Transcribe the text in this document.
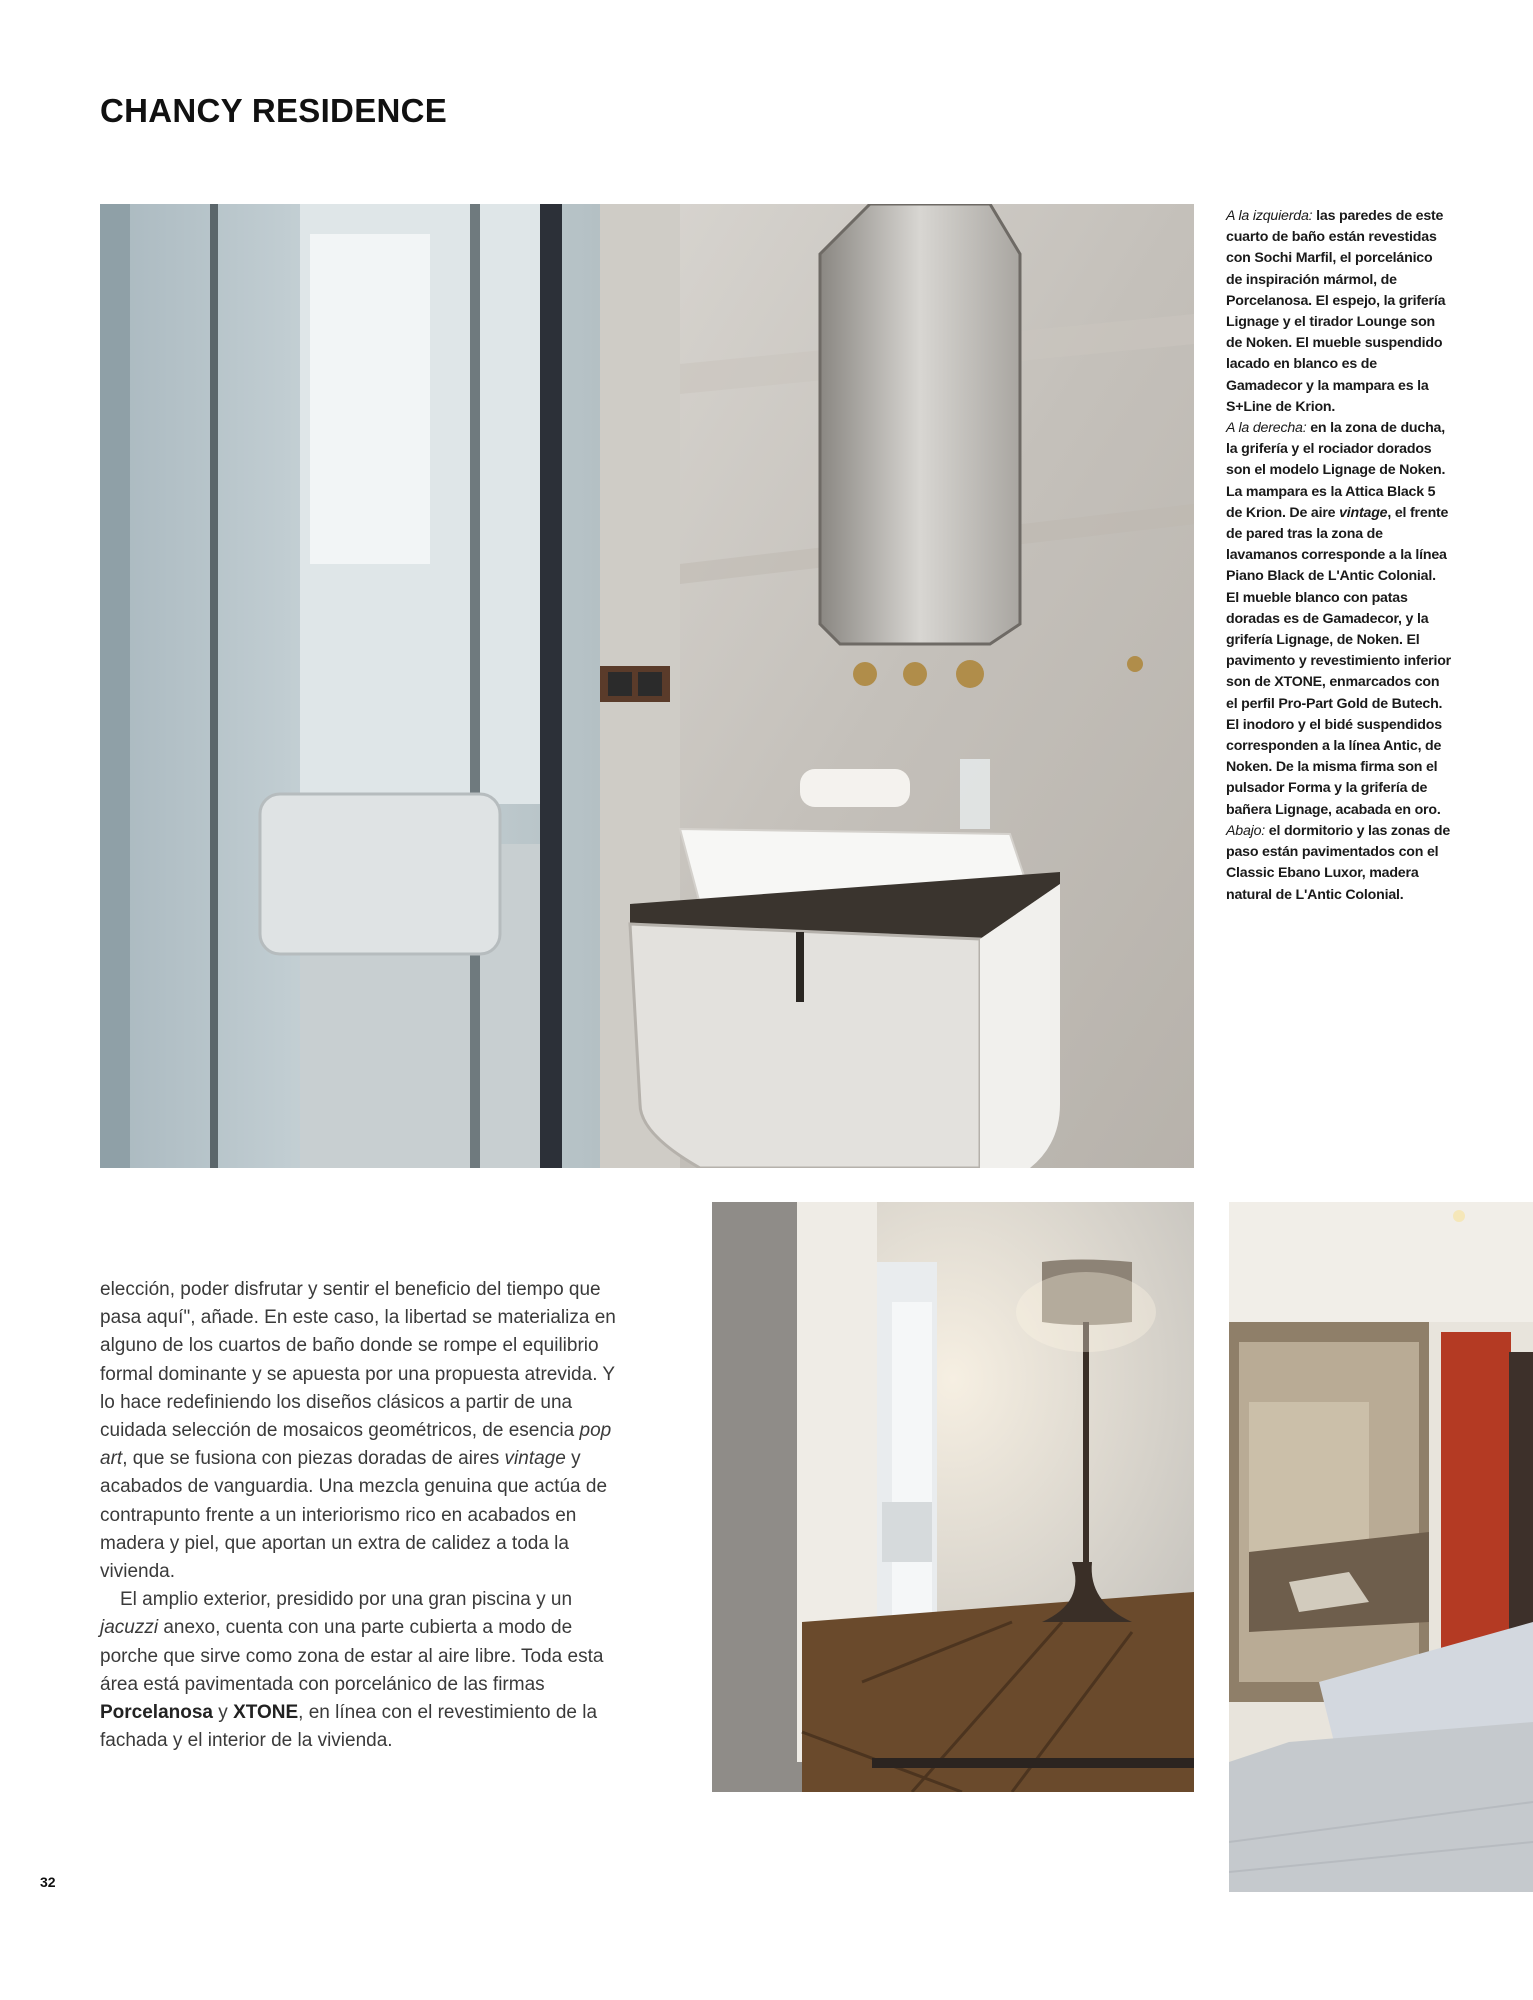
CHANCY RESIDENCE

A la izquierda: las paredes de este cuarto de baño están revestidas con Sochi Marfil, el porcelánico de inspiración mármol, de Porcelanosa. El espejo, la grifería Lignage y el tirador Lounge son de Noken. El mueble suspendido lacado en blanco es de Gamadecor y la mampara es la S+Line de Krion.

A la derecha: en la zona de ducha, la grifería y el rociador dorados son el modelo Lignage de Noken. La mampara es la Attica Black 5 de Krion. De aire vintage, el frente de pared tras la zona de lavamanos corresponde a la línea Piano Black de L'Antic Colonial. El mueble blanco con patas doradas es de Gamadecor, y la grifería Lignage, de Noken. El pavimento y revestimiento inferior son de XTONE, enmarcados con el perfil Pro-Part Gold de Butech. El inodoro y el bidé suspendidos corresponden a la línea Antic, de Noken. De la misma firma son el pulsador Forma y la grifería de bañera Lignage, acabada en oro.

Abajo: el dormitorio y las zonas de paso están pavimentados con el Classic Ebano Luxor, madera natural de L'Antic Colonial.

elección, poder disfrutar y sentir el beneficio del tiempo que pasa aquí", añade. En este caso, la libertad se materializa en alguno de los cuartos de baño donde se rompe el equilibrio formal dominante y se apuesta por una propuesta atrevida. Y lo hace redefiniendo los diseños clásicos a partir de una cuidada selección de mosaicos geométricos, de esencia pop art, que se fusiona con piezas doradas de aires vintage y acabados de vanguardia. Una mezcla genuina que actúa de contrapunto frente a un interiorismo rico en acabados en madera y piel, que aportan un extra de calidez a toda la vivienda.

El amplio exterior, presidido por una gran piscina y un jacuzzi anexo, cuenta con una parte cubierta a modo de porche que sirve como zona de estar al aire libre. Toda esta área está pavimentada con porcelánico de las firmas Porcelanosa y XTONE, en línea con el revestimiento de la fachada y el interior de la vivienda.

32
